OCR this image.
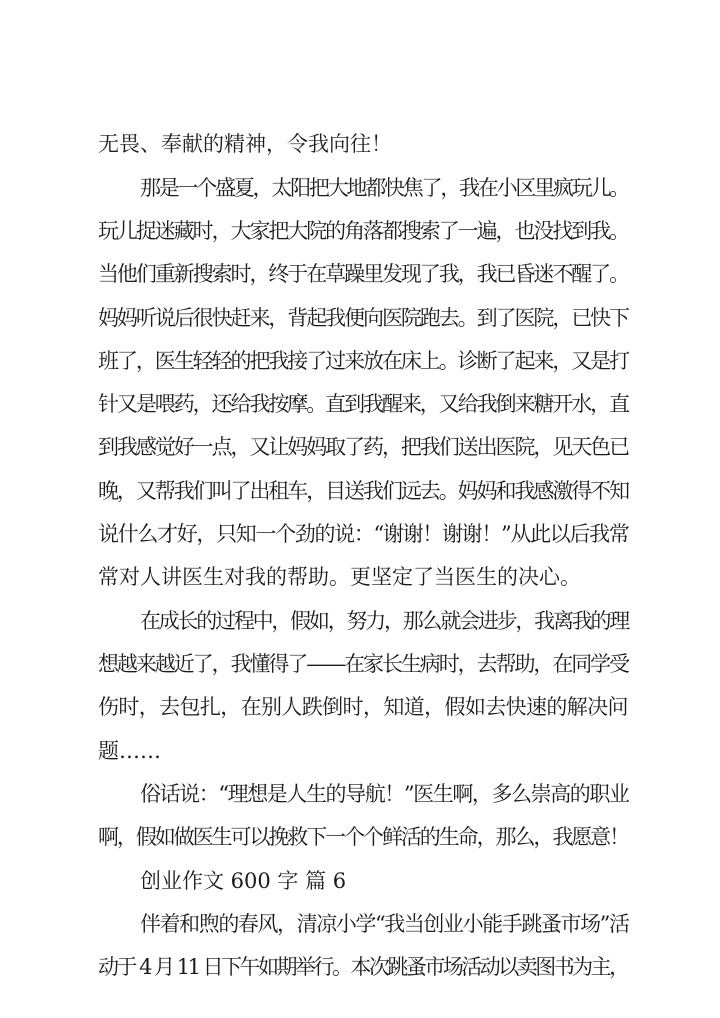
无畏、奉献的精神，令我向往！
那是一个盛夏，太阳把大地都快焦了，我在小区里疯玩儿。
玩儿捉迷藏时，大家把大院的角落都搜索了一遍，也没找到我。
当他们重新搜索时，终于在草躁里发现了我，我已昏迷不醒了。
妈妈听说后很快赶来，背起我便向医院跑去。到了医院，已快下
班了，医生轻轻的把我接了过来放在床上。诊断了起来，又是打
针又是喂药，还给我按摩。直到我醒来，又给我倒来糖开水，直
到我感觉好一点，又让妈妈取了药，把我们送出医院，见天色已
晚，又帮我们叫了出租车，目送我们远去。妈妈和我感激得不知
说什么才好，只知一个劲的说：“谢谢！谢谢！”从此以后我常
常对人讲医生对我的帮助。更坚定了当医生的决心。
在成长的过程中，假如，努力，那么就会进步，我离我的理
想越来越近了，我懂得了——在家长生病时，去帮助，在同学受
伤时，去包扎，在别人跌倒时，知道，假如去快速的解决问
题……
俗话说：“理想是人生的导航！”医生啊，多么崇高的职业
啊，假如做医生可以挽救下一个个鲜活的生命，那么，我愿意！
创业作文 600 字 篇 6
伴着和煦的春风，清凉小学“我当创业小能手跳蚤市场”活
动于 4 月 11 日下午如期举行。本次跳蚤市场活动以卖图书为主，
